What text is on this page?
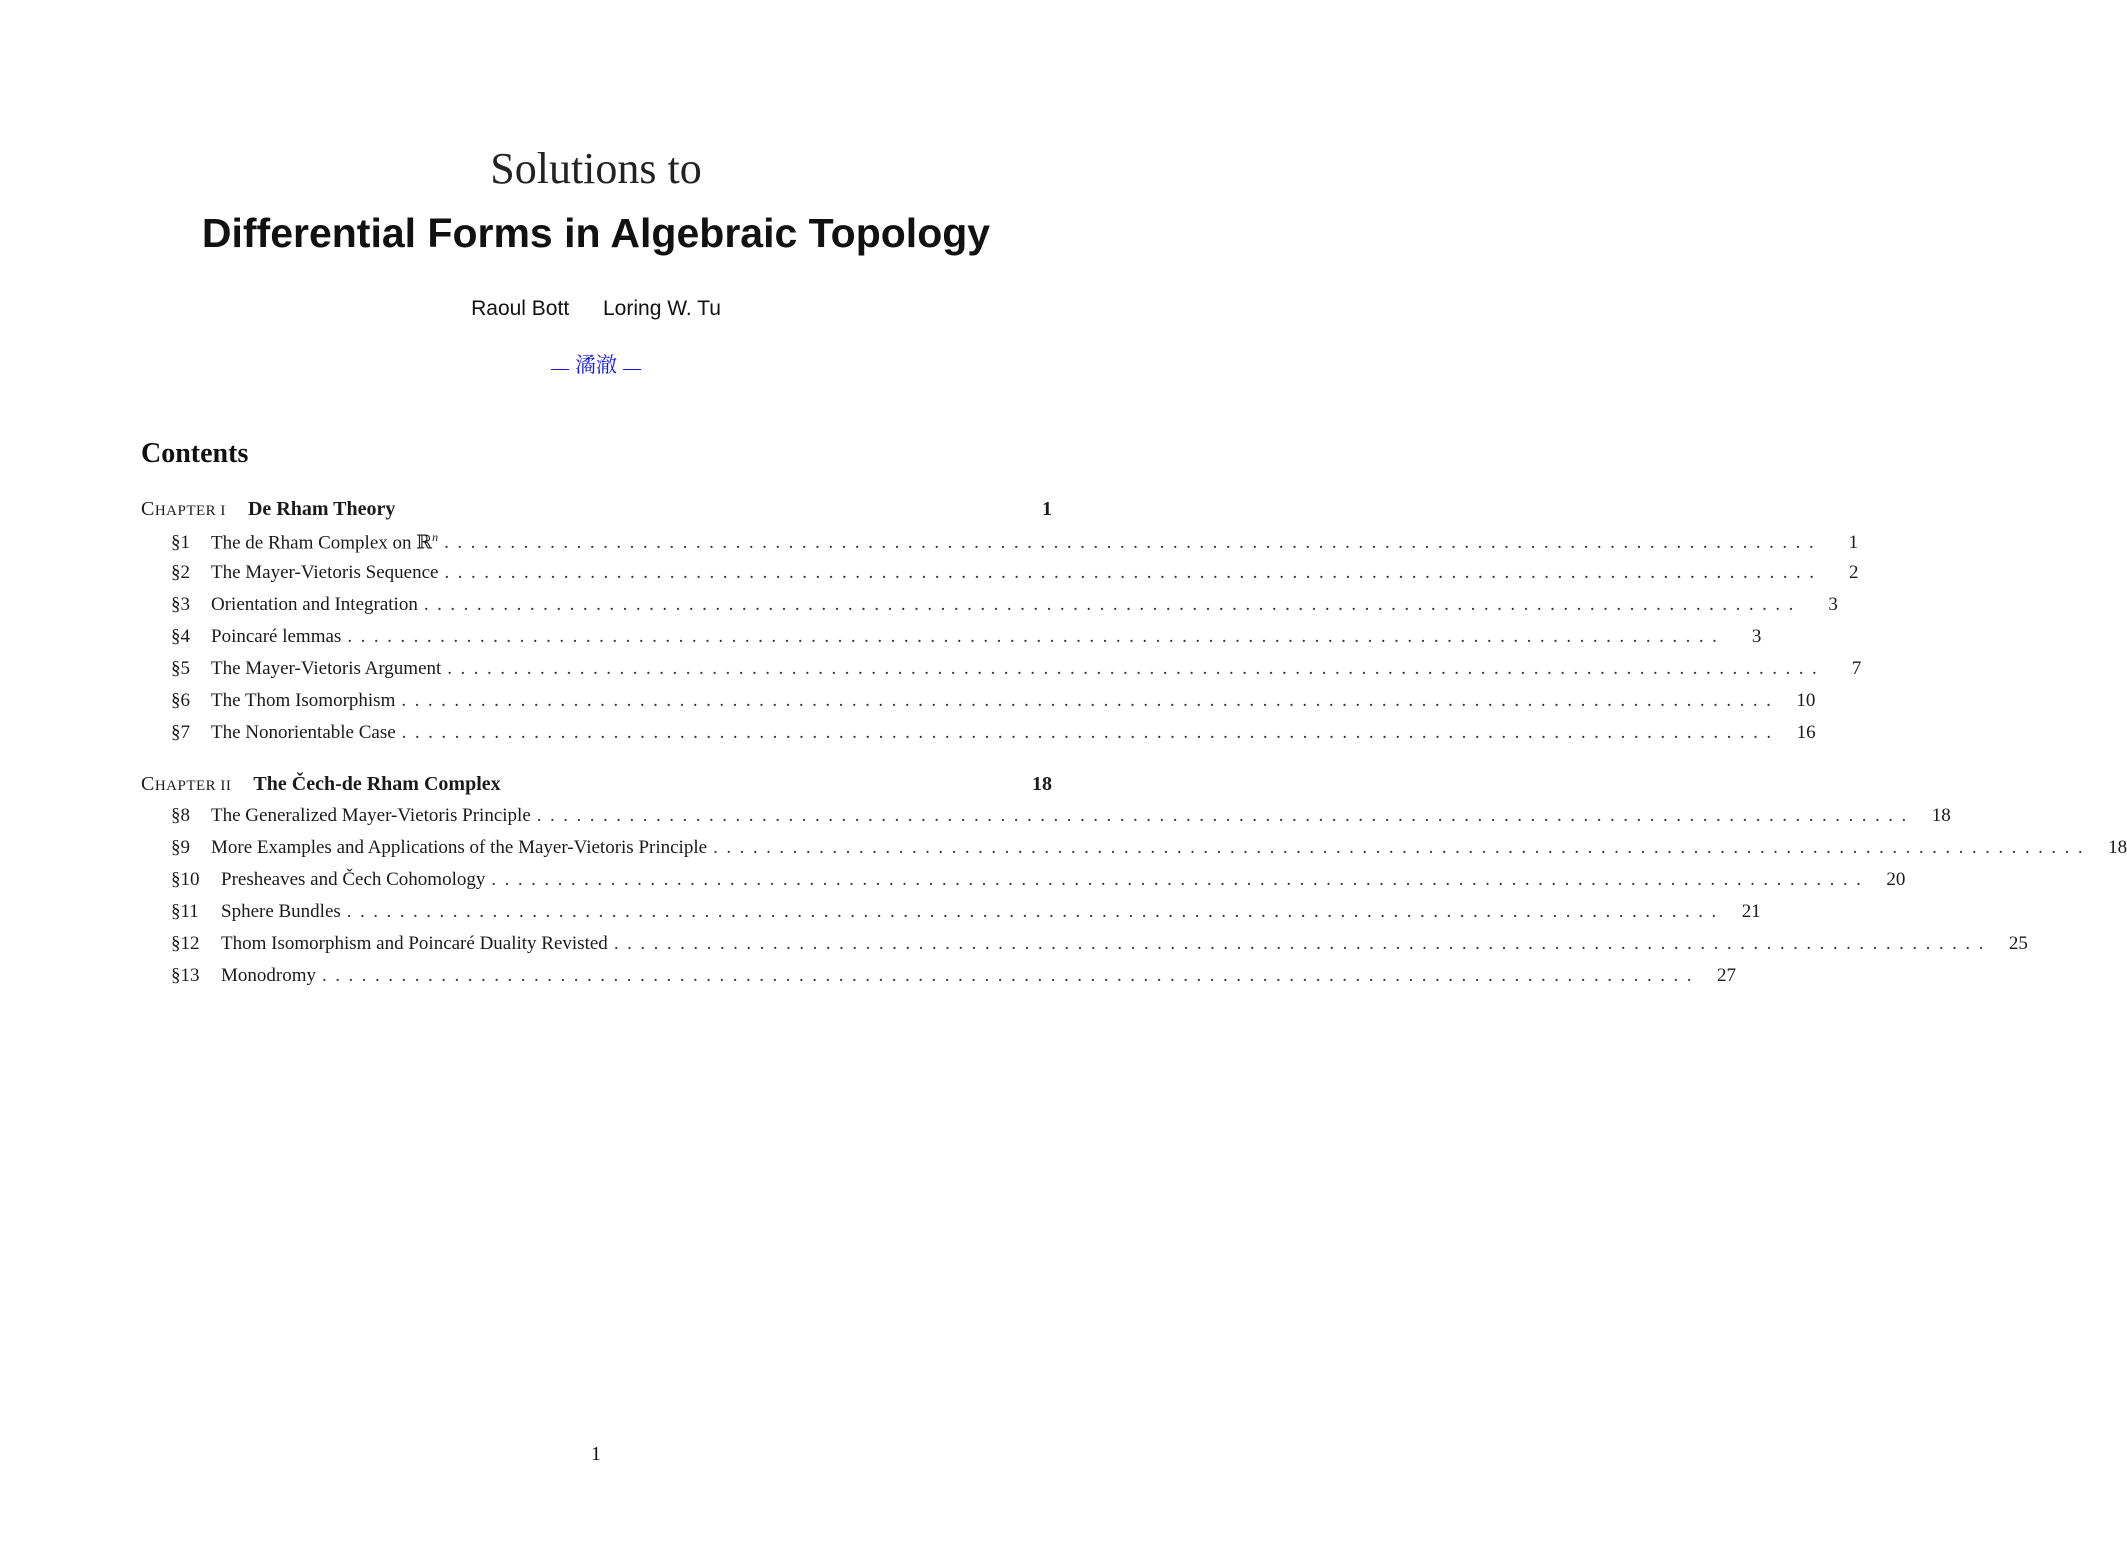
Solutions to
Differential Forms in Algebraic Topology
Raoul Bott Loring W. Tu
潏澈
Contents
CHAPTER I De Rham Theory	1
§1	The de Rham Complex on ℝ$^n$ ........................................................................................................	1
§2	The Mayer-Vietoris Sequence ........................................................................................................	2
§3	Orientation and Integration ........................................................................................................	3
§4	Poincaré lemmas ........................................................................................................	3
§5	The Mayer-Vietoris Argument ........................................................................................................	7
§6	The Thom Isomorphism ........................................................................................................ 10
§7	The Nonorientable Case ........................................................................................................ 16
CHAPTER II The Čech-de Rham Complex	18
§8	The Generalized Mayer-Vietoris Principle ........................................................................................................ 18
§9	More Examples and Applications of the Mayer-Vietoris Principle ........................................................................................................ 18
§10	Presheaves and Čech Cohomology ........................................................................................................ 20
§11	Sphere Bundles ........................................................................................................ 21
§12	Thom Isomorphism and Poincaré Duality Revisted ........................................................................................................ 25
§13	Monodromy ........................................................................................................ 27
1
